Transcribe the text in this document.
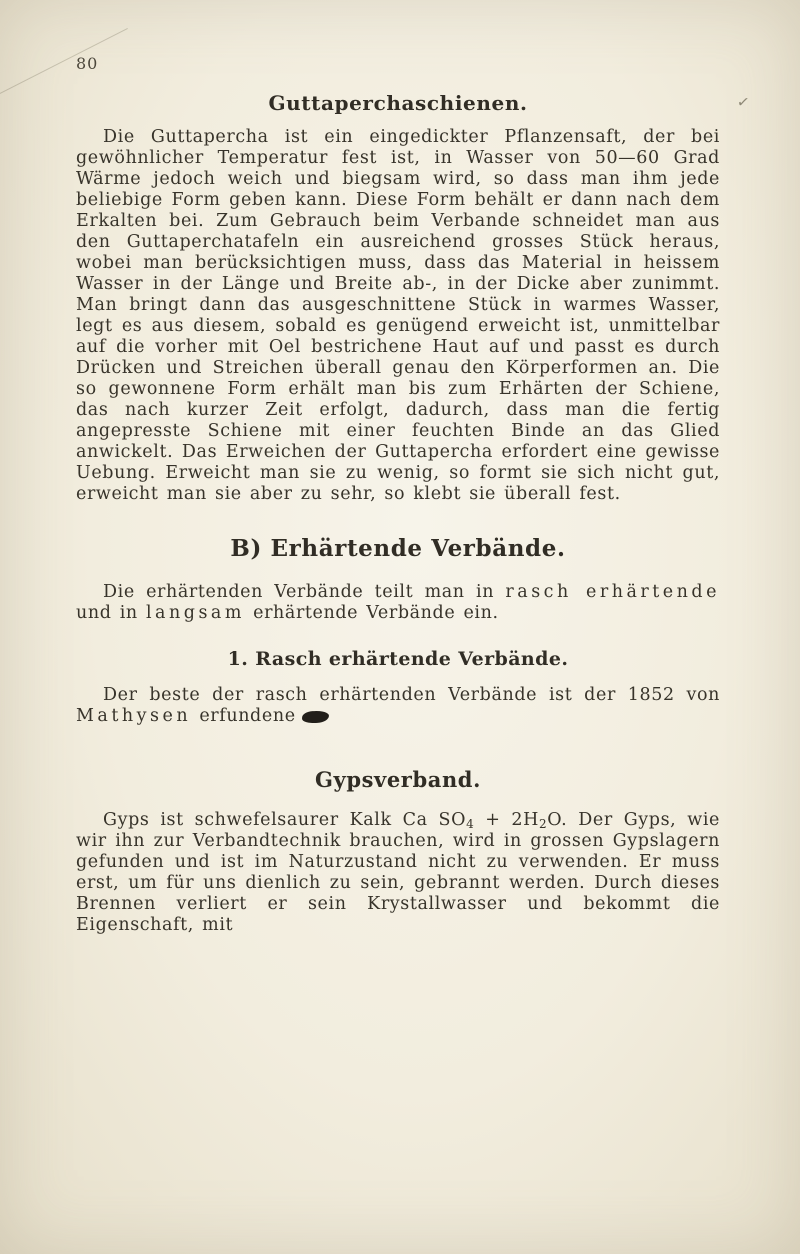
80
Guttaperchaschienen.	✓

Die Guttapercha ist ein eingedickter Pflanzensaft, der bei gewöhnlicher Temperatur fest ist, in Wasser von 50—60 Grad Wärme jedoch weich und biegsam wird, so dass man ihm jede beliebige Form geben kann. Diese Form behält er dann nach dem Erkalten bei. Zum Gebrauch beim Verbande schneidet man aus den Guttaperchatafeln ein ausreichend grosses Stück heraus, wobei man berücksichtigen muss, dass das Material in heissem Wasser in der Länge und Breite ab-, in der Dicke aber zunimmt. Man bringt dann das ausgeschnittene Stück in warmes Wasser, legt es aus diesem, sobald es genügend erweicht ist, unmittelbar auf die vorher mit Oel bestrichene Haut auf und passt es durch Drücken und Streichen überall genau den Körperformen an. Die so gewonnene Form erhält man bis zum Erhärten der Schiene, das nach kurzer Zeit erfolgt, dadurch, dass man die fertig angepresste Schiene mit einer feuchten Binde an das Glied anwickelt. Das Erweichen der Guttapercha erfordert eine gewisse Uebung. Erweicht man sie zu wenig, so formt sie sich nicht gut, erweicht man sie aber zu sehr, so klebt sie überall fest.

B) Erhärtende Verbände.

Die erhärtenden Verbände teilt man in rasch erhärtende und in langsam erhärtende Verbände ein.

1. Rasch erhärtende Verbände.

Der beste der rasch erhärtenden Verbände ist der 1852 von Mathysen erfundene

Gypsverband.

Gyps ist schwefelsaurer Kalk Ca $SO_4 + 2H_2O$. Der Gyps, wie wir ihn zur Verbandtechnik brauchen, wird in grossen Gypslagern gefunden und ist im Naturzustand nicht zu verwenden. Er muss erst, um für uns dienlich zu sein, gebrannt werden. Durch dieses Brennen verliert er sein Krystallwasser und bekommt die Eigenschaft, mit
